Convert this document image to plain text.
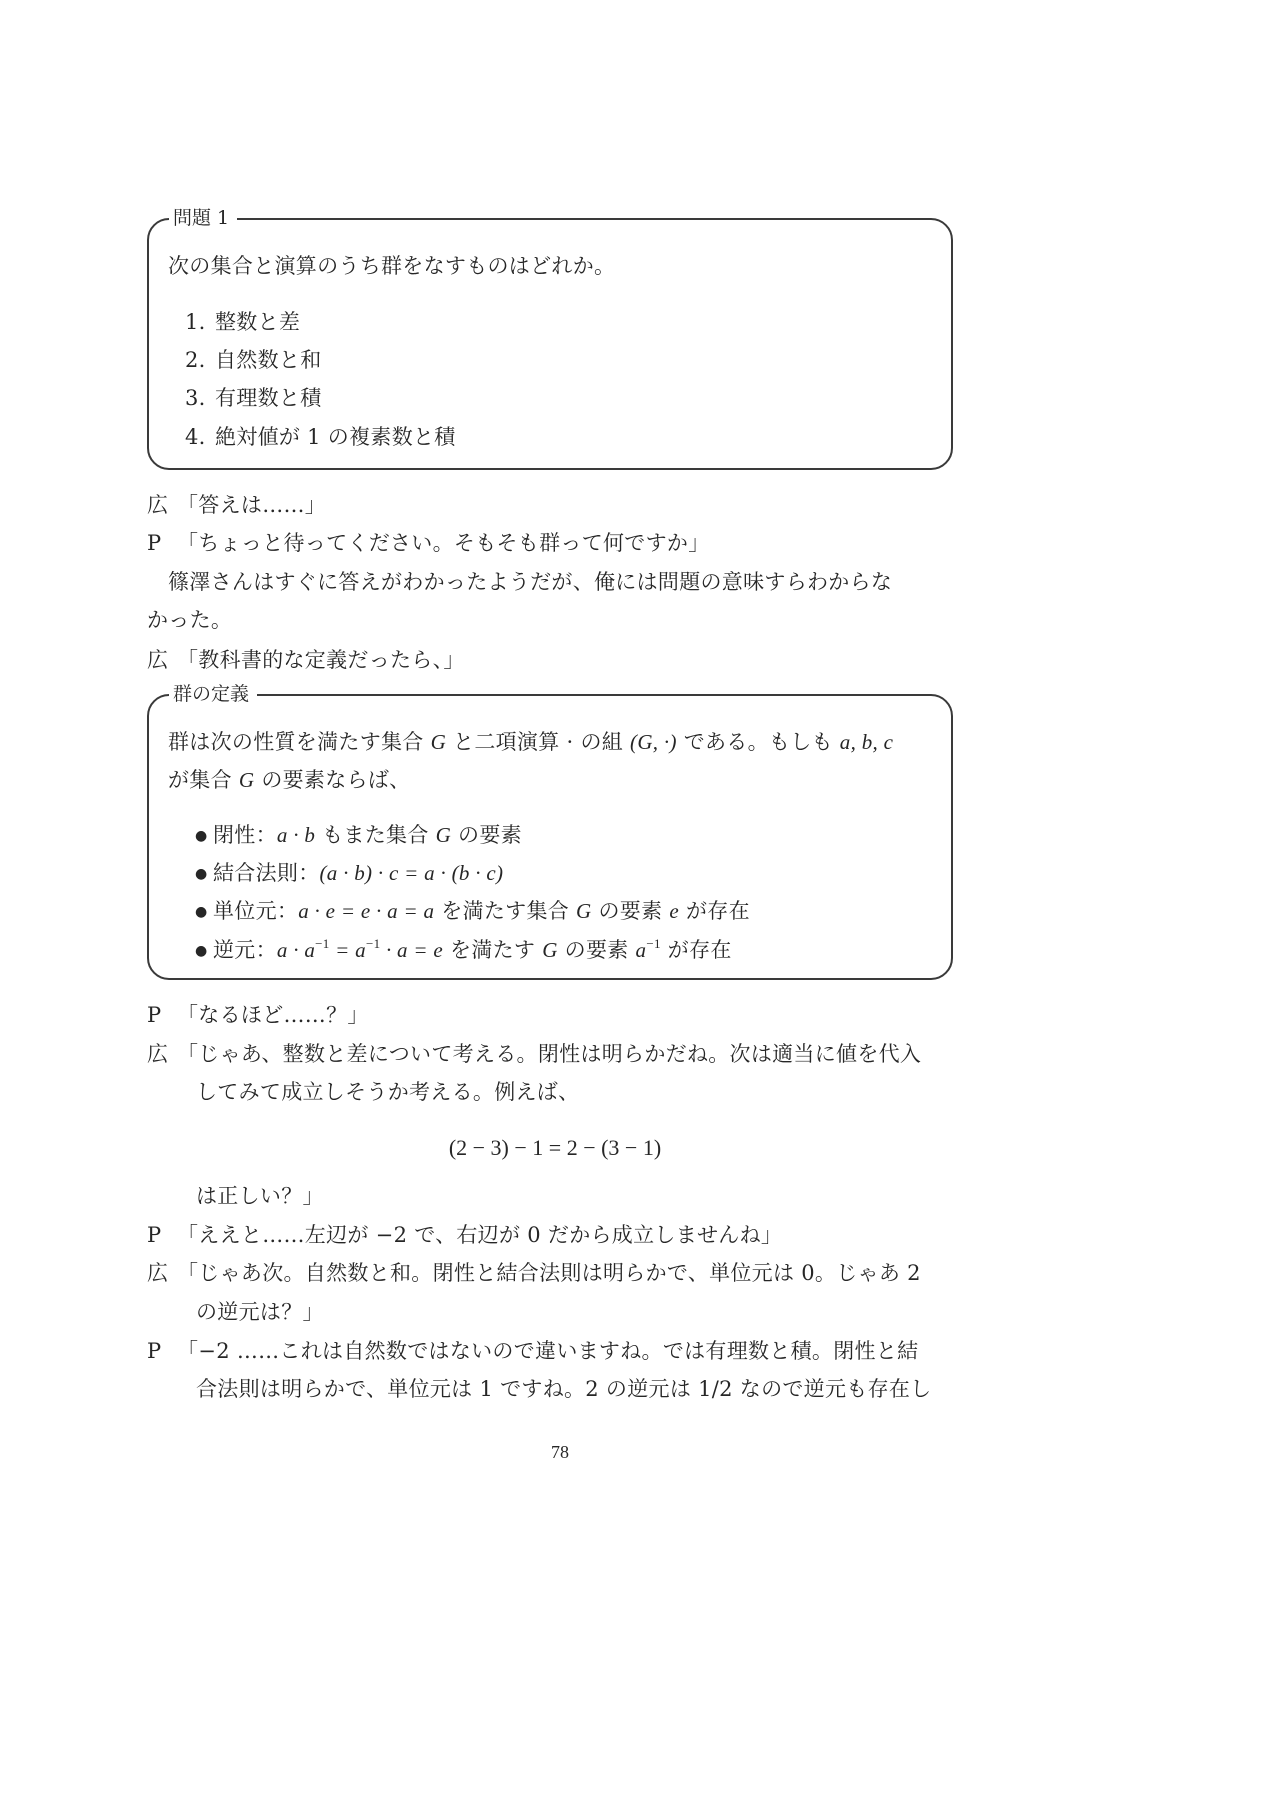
問題 1
次の集合と演算のうち群をなすものはどれか。
1. 整数と差
2. 自然数と和
3. 有理数と積
4. 絶対値が 1 の複素数と積
広 「答えは……」
P 「ちょっと待ってください。そもそも群って何ですか」
篠澤さんはすぐに答えがわかったようだが、俺には問題の意味すらわからな
かった。
広 「教科書的な定義だったら、」
群の定義
群は次の性質を満たす集合 G と二項演算 · の組 (G, ·) である。もしも a, b, c
が集合 G の要素ならば、
● 閉性：a · b もまた集合 G の要素
● 結合法則：(a · b) · c = a · (b · c)
● 単位元：a · e = e · a = a を満たす集合 G の要素 e が存在
● 逆元：$a \cdot a^{-1} = a^{-1} \cdot a = e$ を満たす G の要素 $a^{-1}$ が存在
P 「なるほど……？」
広 「じゃあ、整数と差について考える。閉性は明らかだね。次は適当に値を代入
してみて成立しそうか考える。例えば、
(2 − 3) − 1 = 2 − (3 − 1)
は正しい？」
P 「ええと……左辺が −2 で、右辺が 0 だから成立しませんね」
広 「じゃあ次。自然数と和。閉性と結合法則は明らかで、単位元は 0。じゃあ 2
の逆元は？」
P 「−2 ……これは自然数ではないので違いますね。では有理数と積。閉性と結
合法則は明らかで、単位元は 1 ですね。2 の逆元は 1/2 なので逆元も存在し
78
